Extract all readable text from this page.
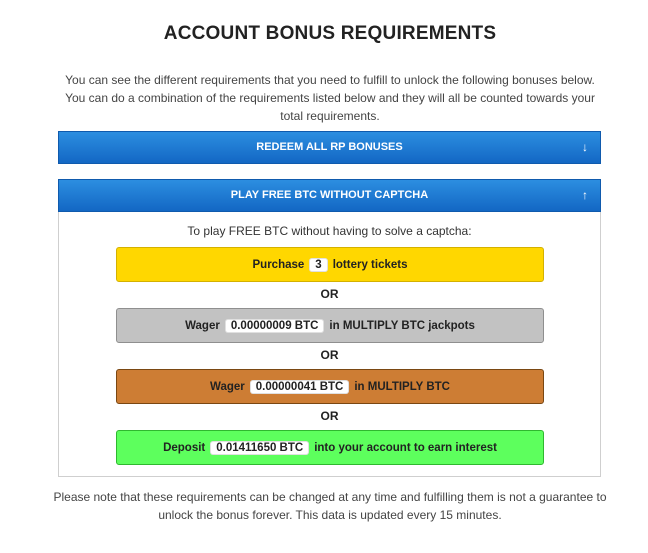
ACCOUNT BONUS REQUIREMENTS
You can see the different requirements that you need to fulfill to unlock the following bonuses below. You can do a combination of the requirements listed below and they will all be counted towards your total requirements.
REDEEM ALL RP BONUSES	↓
PLAY FREE BTC WITHOUT CAPTCHA	↑
To play FREE BTC without having to solve a captcha:
Purchase 3 lottery tickets
OR
Wager 0.00000009 BTC in MULTIPLY BTC jackpots
OR
Wager 0.00000041 BTC in MULTIPLY BTC
OR
Deposit 0.01411650 BTC into your account to earn interest
Please note that these requirements can be changed at any time and fulfilling them is not a guarantee to unlock the bonus forever. This data is updated every 15 minutes.
